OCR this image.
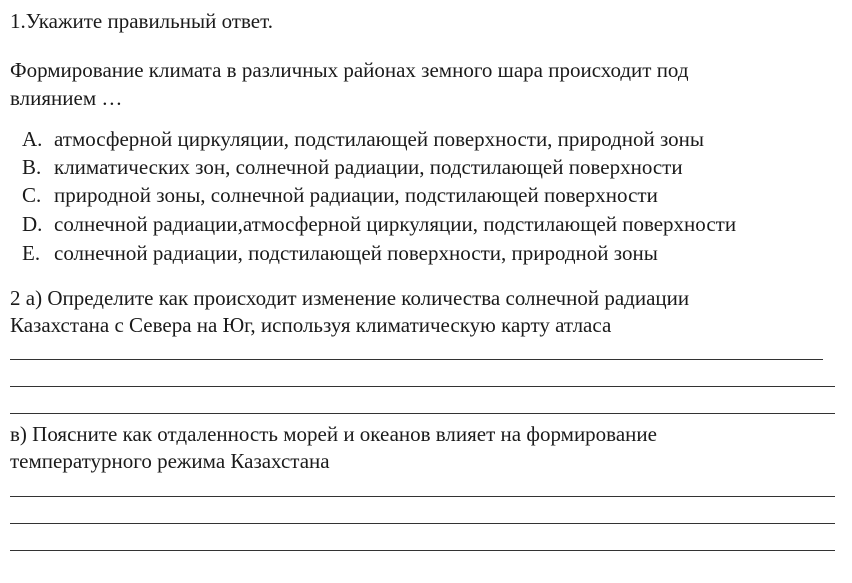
1.Укажите правильный ответ.
Формирование климата в различных районах земного шара происходит под
влиянием …
A. атмосферной циркуляции, подстилающей поверхности, природной зоны
B. климатических зон, солнечной радиации, подстилающей поверхности
C. природной зоны, солнечной радиации, подстилающей поверхности
D. солнечной радиации,атмосферной циркуляции, подстилающей поверхности
E. солнечной радиации, подстилающей поверхности, природной зоны
2 а) Определите как происходит изменение количества солнечной радиации
Казахстана с Севера на Юг, используя климатическую карту атласа
в) Поясните как отдаленность морей и океанов влияет на формирование
температурного режима Казахстана
